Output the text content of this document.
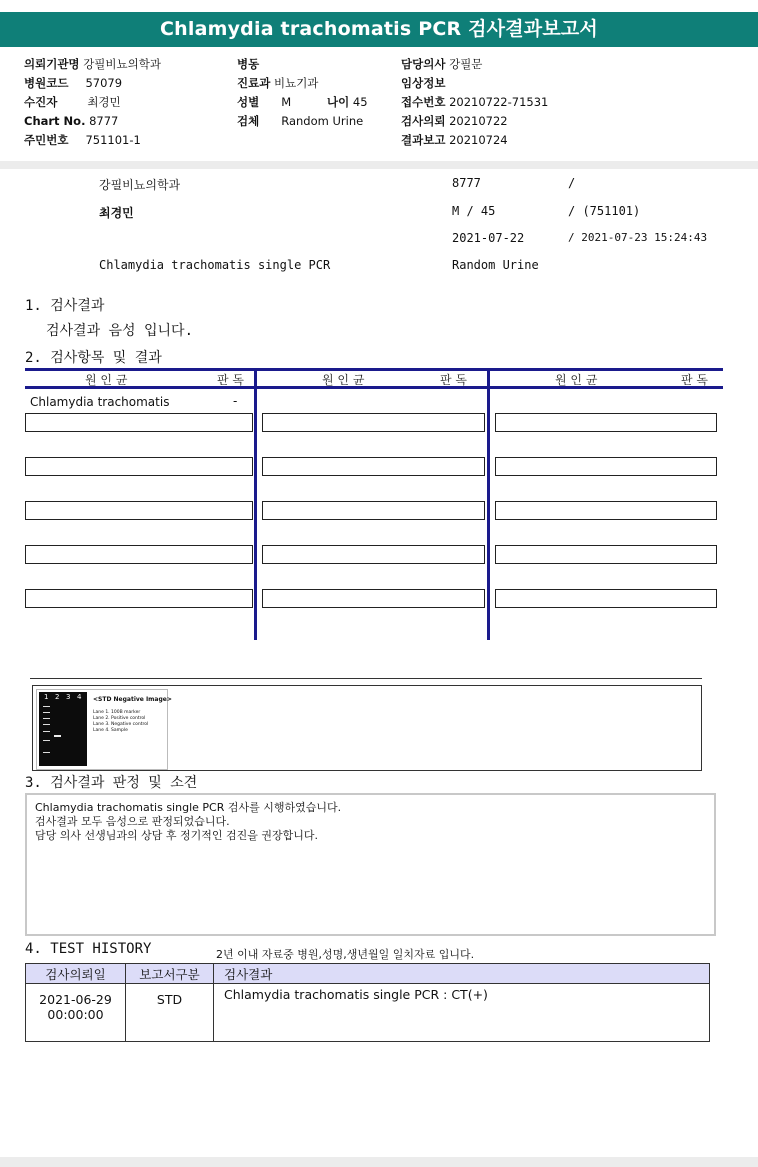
Chlamydia trachomatis PCR 검사결과보고서
의뢰기관명 강필비뇨의학과
병원코드 57079
수진자	최경민
Chart No. 8777
주민번호 751101-1
병동
진료과 비뇨기과
성별 M	나이 45
검체 Random Urine
담당의사 강필문
임상정보
접수번호 20210722-71531
검사의뢰 20210722
결과보고 20210724
강필비뇨의학과	8777	/
최경민	M / 45	/ (751101)
2021-07-22	/ 2021-07-23 15:24:43
Chlamydia trachomatis single PCR	Random Urine
1. 검사결과
검사결과 음성 입니다.
2. 검사항목 및 결과
원 인 균	판 독	원 인 균	판 독	원 인 균	판 독
Chlamydia trachomatis	-
1 2 3 4 <STD Negative Image>
Lane 1. 100B marker
Lane 2. Positive control
Lane 3. Negative control
Lane 4. Sample
3. 검사결과 판정 및 소견
Chlamydia trachomatis single PCR 검사를 시행하였습니다.
검사결과 모두 음성으로 판정되었습니다.
담당 의사 선생님과의 상담 후 정기적인 검진을 권장합니다.
4. TEST HISTORY	2년 이내 자료중 병원,성명,생년월일 일치자료 입니다.
검사의뢰일	보고서구분	검사결과

2021-06-29
00:00:00	STD	Chlamydia trachomatis single PCR : CT(+)
